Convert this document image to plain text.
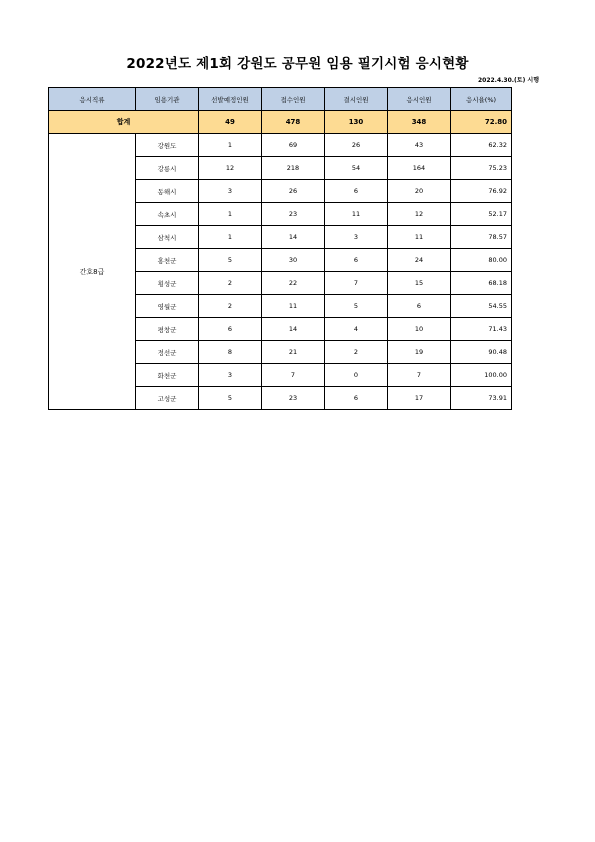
2022년도 제1회 강원도 공무원 임용 필기시험 응시현황
2022.4.30.(토) 시행
응시직류	임용기관	선발예정인원	접수인원	결시인원	응시인원	응시율(%)
합계		49	478	130	348	72.80
간호8급	강원도	1	69	26	43	62.32
	강릉시	12	218	54	164	75.23
	동해시	3	26	6	20	76.92
	속초시	1	23	11	12	52.17
	삼척시	1	14	3	11	78.57
	홍천군	5	30	6	24	80.00
	횡성군	2	22	7	15	68.18
	영월군	2	11	5	6	54.55
	평창군	6	14	4	10	71.43
	정선군	8	21	2	19	90.48
	화천군	3	7	0	7	100.00
	고성군	5	23	6	17	73.91
